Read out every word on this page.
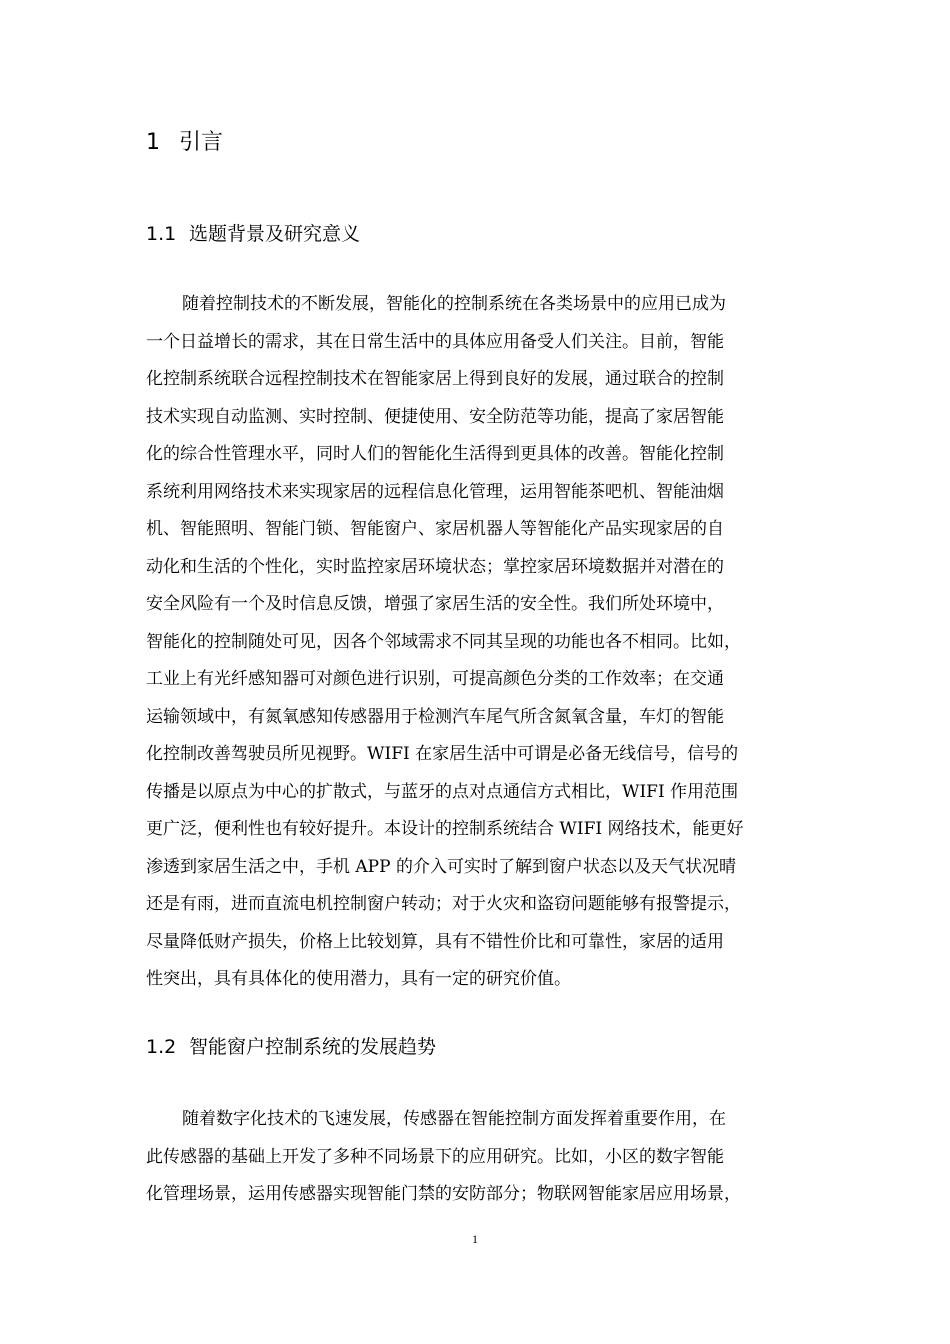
1 引言
1.1 选题背景及研究意义
随着控制技术的不断发展，智能化的控制系统在各类场景中的应用已成为
一个日益增长的需求，其在日常生活中的具体应用备受人们关注。目前，智能
化控制系统联合远程控制技术在智能家居上得到良好的发展，通过联合的控制
技术实现自动监测、实时控制、便捷使用、安全防范等功能，提高了家居智能
化的综合性管理水平，同时人们的智能化生活得到更具体的改善。智能化控制
系统利用网络技术来实现家居的远程信息化管理，运用智能茶吧机、智能油烟
机、智能照明、智能门锁、智能窗户、家居机器人等智能化产品实现家居的自
动化和生活的个性化，实时监控家居环境状态；掌控家居环境数据并对潜在的
安全风险有一个及时信息反馈，增强了家居生活的安全性。我们所处环境中，
智能化的控制随处可见，因各个邻域需求不同其呈现的功能也各不相同。比如，
工业上有光纤感知器可对颜色进行识别，可提高颜色分类的工作效率；在交通
运输领域中，有氮氧感知传感器用于检测汽车尾气所含氮氧含量，车灯的智能
化控制改善驾驶员所见视野。WIFI 在家居生活中可谓是必备无线信号，信号的
传播是以原点为中心的扩散式，与蓝牙的点对点通信方式相比，WIFI 作用范围
更广泛，便利性也有较好提升。本设计的控制系统结合 WIFI 网络技术，能更好
渗透到家居生活之中，手机 APP 的介入可实时了解到窗户状态以及天气状况晴
还是有雨，进而直流电机控制窗户转动；对于火灾和盗窃问题能够有报警提示，
尽量降低财产损失，价格上比较划算，具有不错性价比和可靠性，家居的适用
性突出，具有具体化的使用潜力，具有一定的研究价值。
1.2 智能窗户控制系统的发展趋势
随着数字化技术的飞速发展，传感器在智能控制方面发挥着重要作用，在
此传感器的基础上开发了多种不同场景下的应用研究。比如，小区的数字智能
化管理场景，运用传感器实现智能门禁的安防部分；物联网智能家居应用场景，
1
